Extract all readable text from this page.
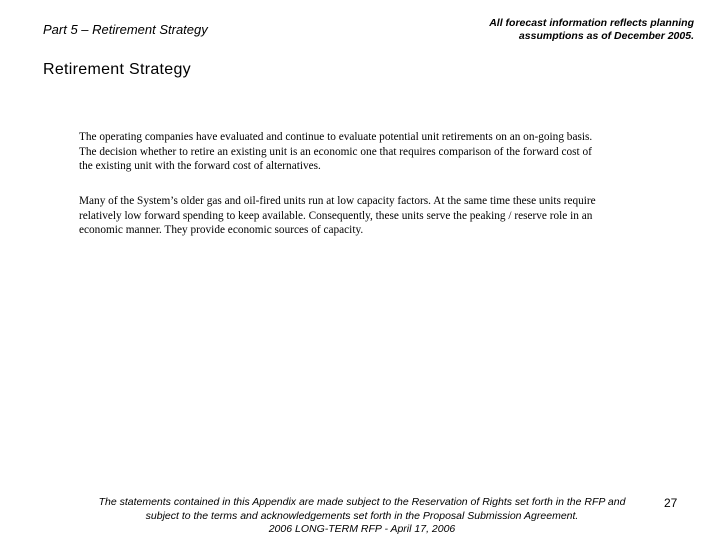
Part 5 – Retirement Strategy	All forecast information reflects planning
assumptions as of December 2005.
Retirement Strategy
The operating companies have evaluated and continue to evaluate potential unit retirements on an on-going basis.
The decision whether to retire an existing unit is an economic one that requires comparison of the forward cost of
the existing unit with the forward cost of alternatives.
Many of the System’s older gas and oil-fired units run at low capacity factors. At the same time these units require
relatively low forward spending to keep available. Consequently, these units serve the peaking / reserve role in an
economic manner. They provide economic sources of capacity.
The statements contained in this Appendix are made subject to the Reservation of Rights set forth in the RFP and
subject to the terms and acknowledgements set forth in the Proposal Submission Agreement.
2006 LONG-TERM RFP - April 17, 2006
27
